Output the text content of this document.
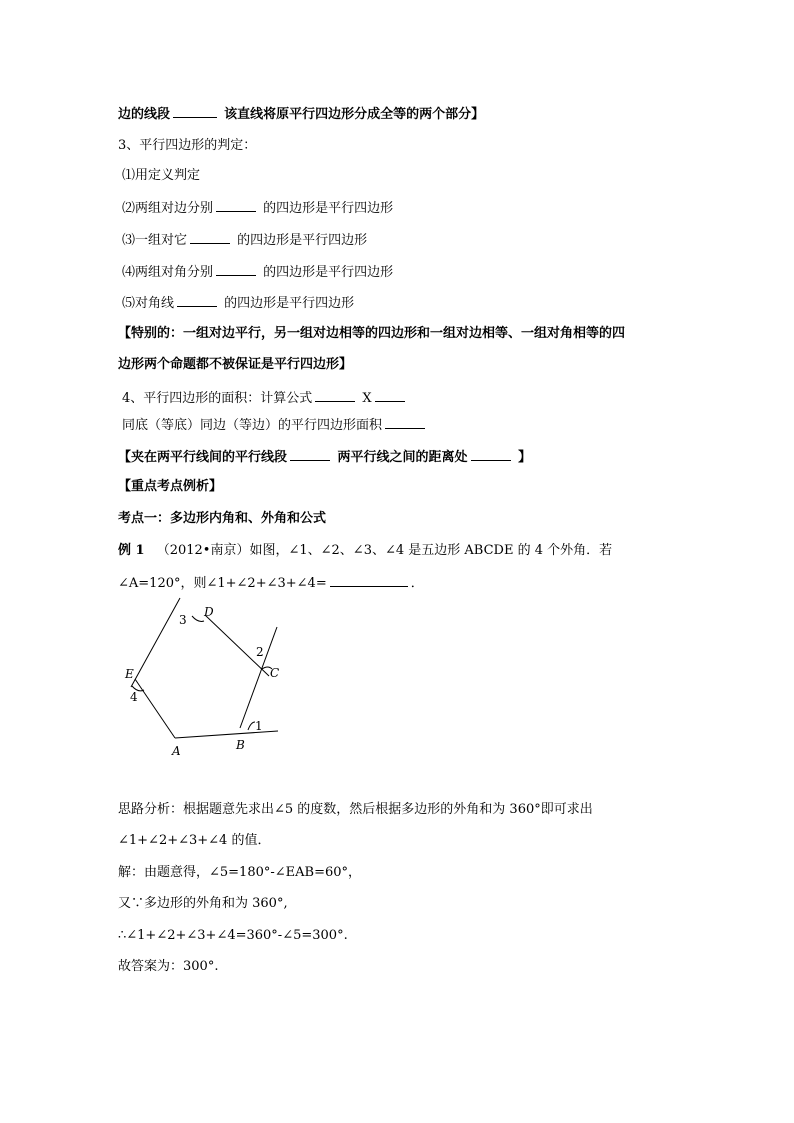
边的线段	该直线将原平行四边形分成全等的两个部分】
3、平行四边形的判定：
⑴用定义判定
⑵两组对边分别	的四边形是平行四边形
⑶一组对它	的四边形是平行四边形
⑷两组对角分别	的四边形是平行四边形
⑸对角线	的四边形是平行四边形
【特别的：一组对边平行，另一组对边相等的四边形和一组对边相等、一组对角相等的四
边形两个命题都不被保证是平行四边形】
4、平行四边形的面积：计算公式	X
同底（等底）同边（等边）的平行四边形面积
【夹在两平行线间的平行线段	两平行线之间的距离处	】
【重点考点例析】
考点一：多边形内角和、外角和公式
例 1 （2012•南京）如图，∠1、∠2、∠3、∠4 是五边形 ABCDE 的 4 个外角．若
∠A=120°，则∠1+∠2+∠3+∠4=	．
D
3
2
C
E
4
1
A	B
思路分析：根据题意先求出∠5 的度数，然后根据多边形的外角和为 360°即可求出
∠1+∠2+∠3+∠4 的值．
解：由题意得，∠5=180°-∠EAB=60°，
又∵多边形的外角和为 360°,
∴∠1+∠2+∠3+∠4=360°-∠5=300°.
故答案为：300°.
